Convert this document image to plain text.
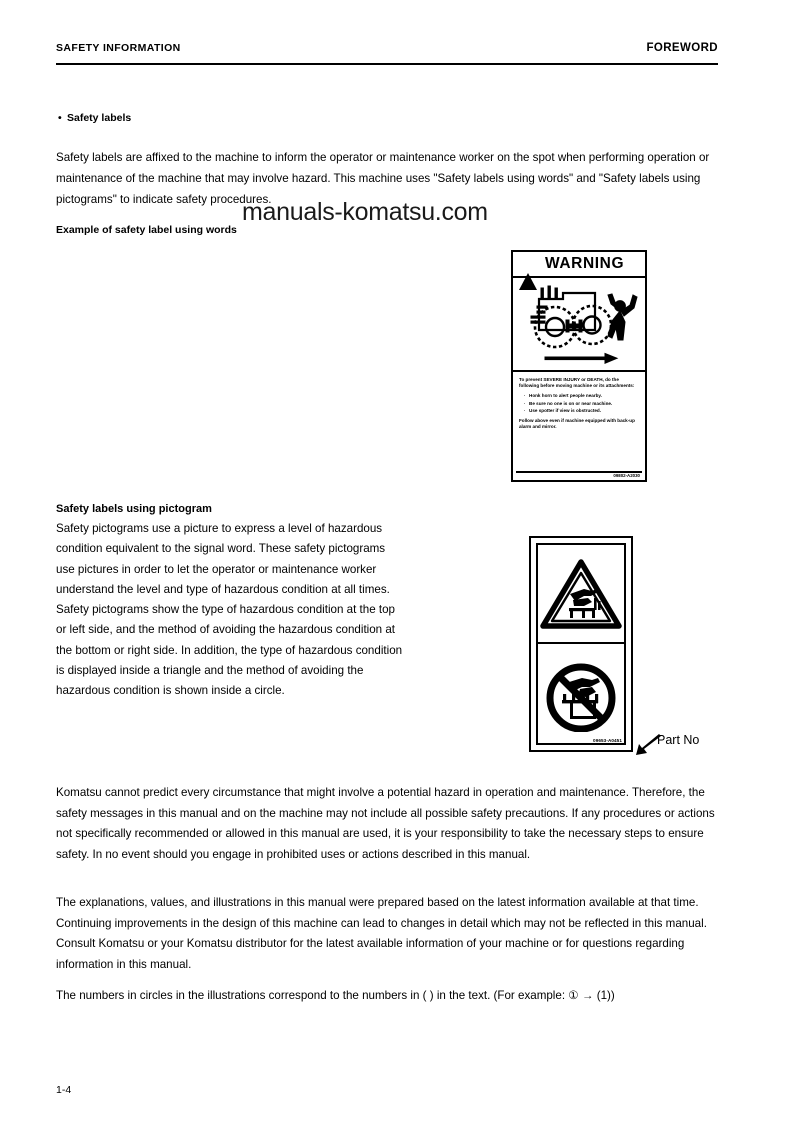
SAFETY INFORMATION	FOREWORD
• Safety labels
Safety labels are affixed to the machine to inform the operator or maintenance worker on the spot when performing operation or maintenance of the machine that may involve hazard. This machine uses "Safety labels using words" and "Safety labels using pictograms" to indicate safety procedures.
manuals-komatsu.com
Example of safety label using words
WARNING
To prevent SEVERE INJURY or DEATH, do the following before moving machine or its attachments:
· Honk horn to alert people nearby.
· Be sure no one is on or near machine.
· Use spotter if view is obstructed.
Follow above even if machine equipped with back-up alarm and mirror.
09802-A2030
Safety labels using pictogram
Safety pictograms use a picture to express a level of hazardous
condition equivalent to the signal word. These safety pictograms
use pictures in order to let the operator or maintenance worker
understand the level and type of hazardous condition at all times.
Safety pictograms show the type of hazardous condition at the top
or left side, and the method of avoiding the hazardous condition at
the bottom or right side. In addition, the type of hazardous condition
is displayed inside a triangle and the method of avoiding the
hazardous condition is shown inside a circle.
09653-A0451	Part No
Komatsu cannot predict every circumstance that might involve a potential hazard in operation and maintenance. Therefore, the safety messages in this manual and on the machine may not include all possible safety precautions. If any procedures or actions not specifically recommended or allowed in this manual are used, it is your responsibility to take the necessary steps to ensure safety. In no event should you engage in prohibited uses or actions described in this manual.
The explanations, values, and illustrations in this manual were prepared based on the latest information available at that time. Continuing improvements in the design of this machine can lead to changes in detail which may not be reflected in this manual. Consult Komatsu or your Komatsu distributor for the latest available information of your machine or for questions regarding information in this manual.
The numbers in circles in the illustrations correspond to the numbers in ( ) in the text. (For example: ① → (1))
1-4
